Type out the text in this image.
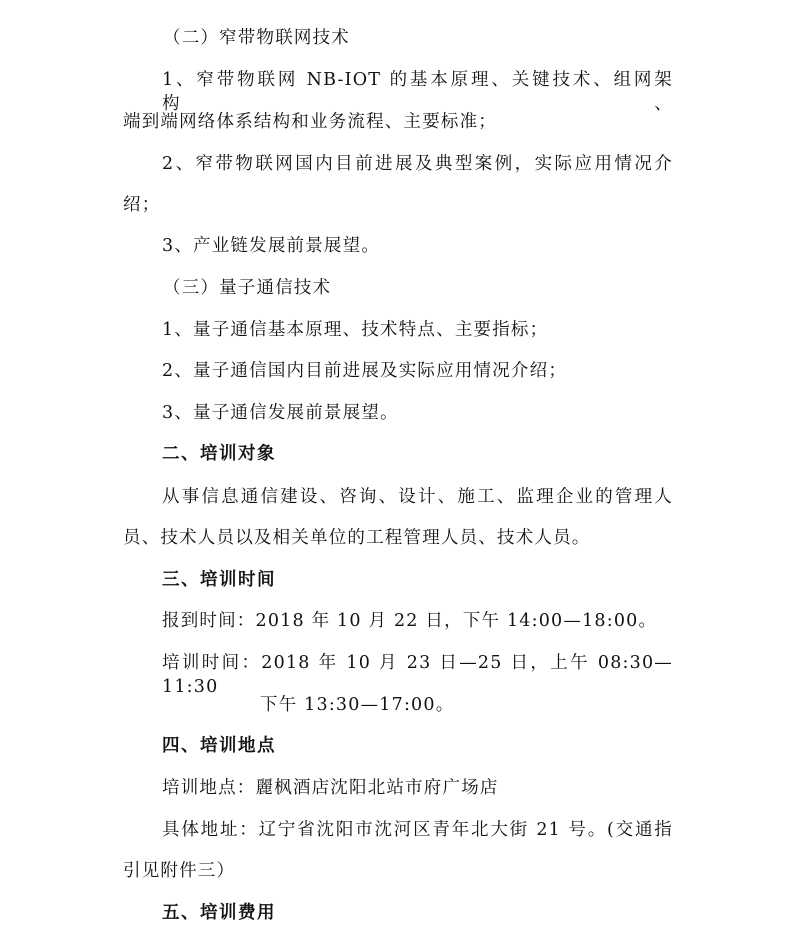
（二）窄带物联网技术
1、窄带物联网 NB-IOT 的基本原理、关键技术、组网架构、
端到端网络体系结构和业务流程、主要标准；
2、窄带物联网国内目前进展及典型案例，实际应用情况介
绍；
3、产业链发展前景展望。
（三）量子通信技术
1、量子通信基本原理、技术特点、主要指标；
2、量子通信国内目前进展及实际应用情况介绍；
3、量子通信发展前景展望。
二、培训对象
从事信息通信建设、咨询、设计、施工、监理企业的管理人
员、技术人员以及相关单位的工程管理人员、技术人员。
三、培训时间
报到时间：2018 年 10 月 22 日，下午 14:00—18:00。
培训时间：2018 年 10 月 23 日—25 日，上午 08:30—11:30
下午 13:30—17:00。
四、培训地点
培训地点：麗枫酒店沈阳北站市府广场店
具体地址：辽宁省沈阳市沈河区青年北大街 21 号。(交通指
引见附件三）
五、培训费用
